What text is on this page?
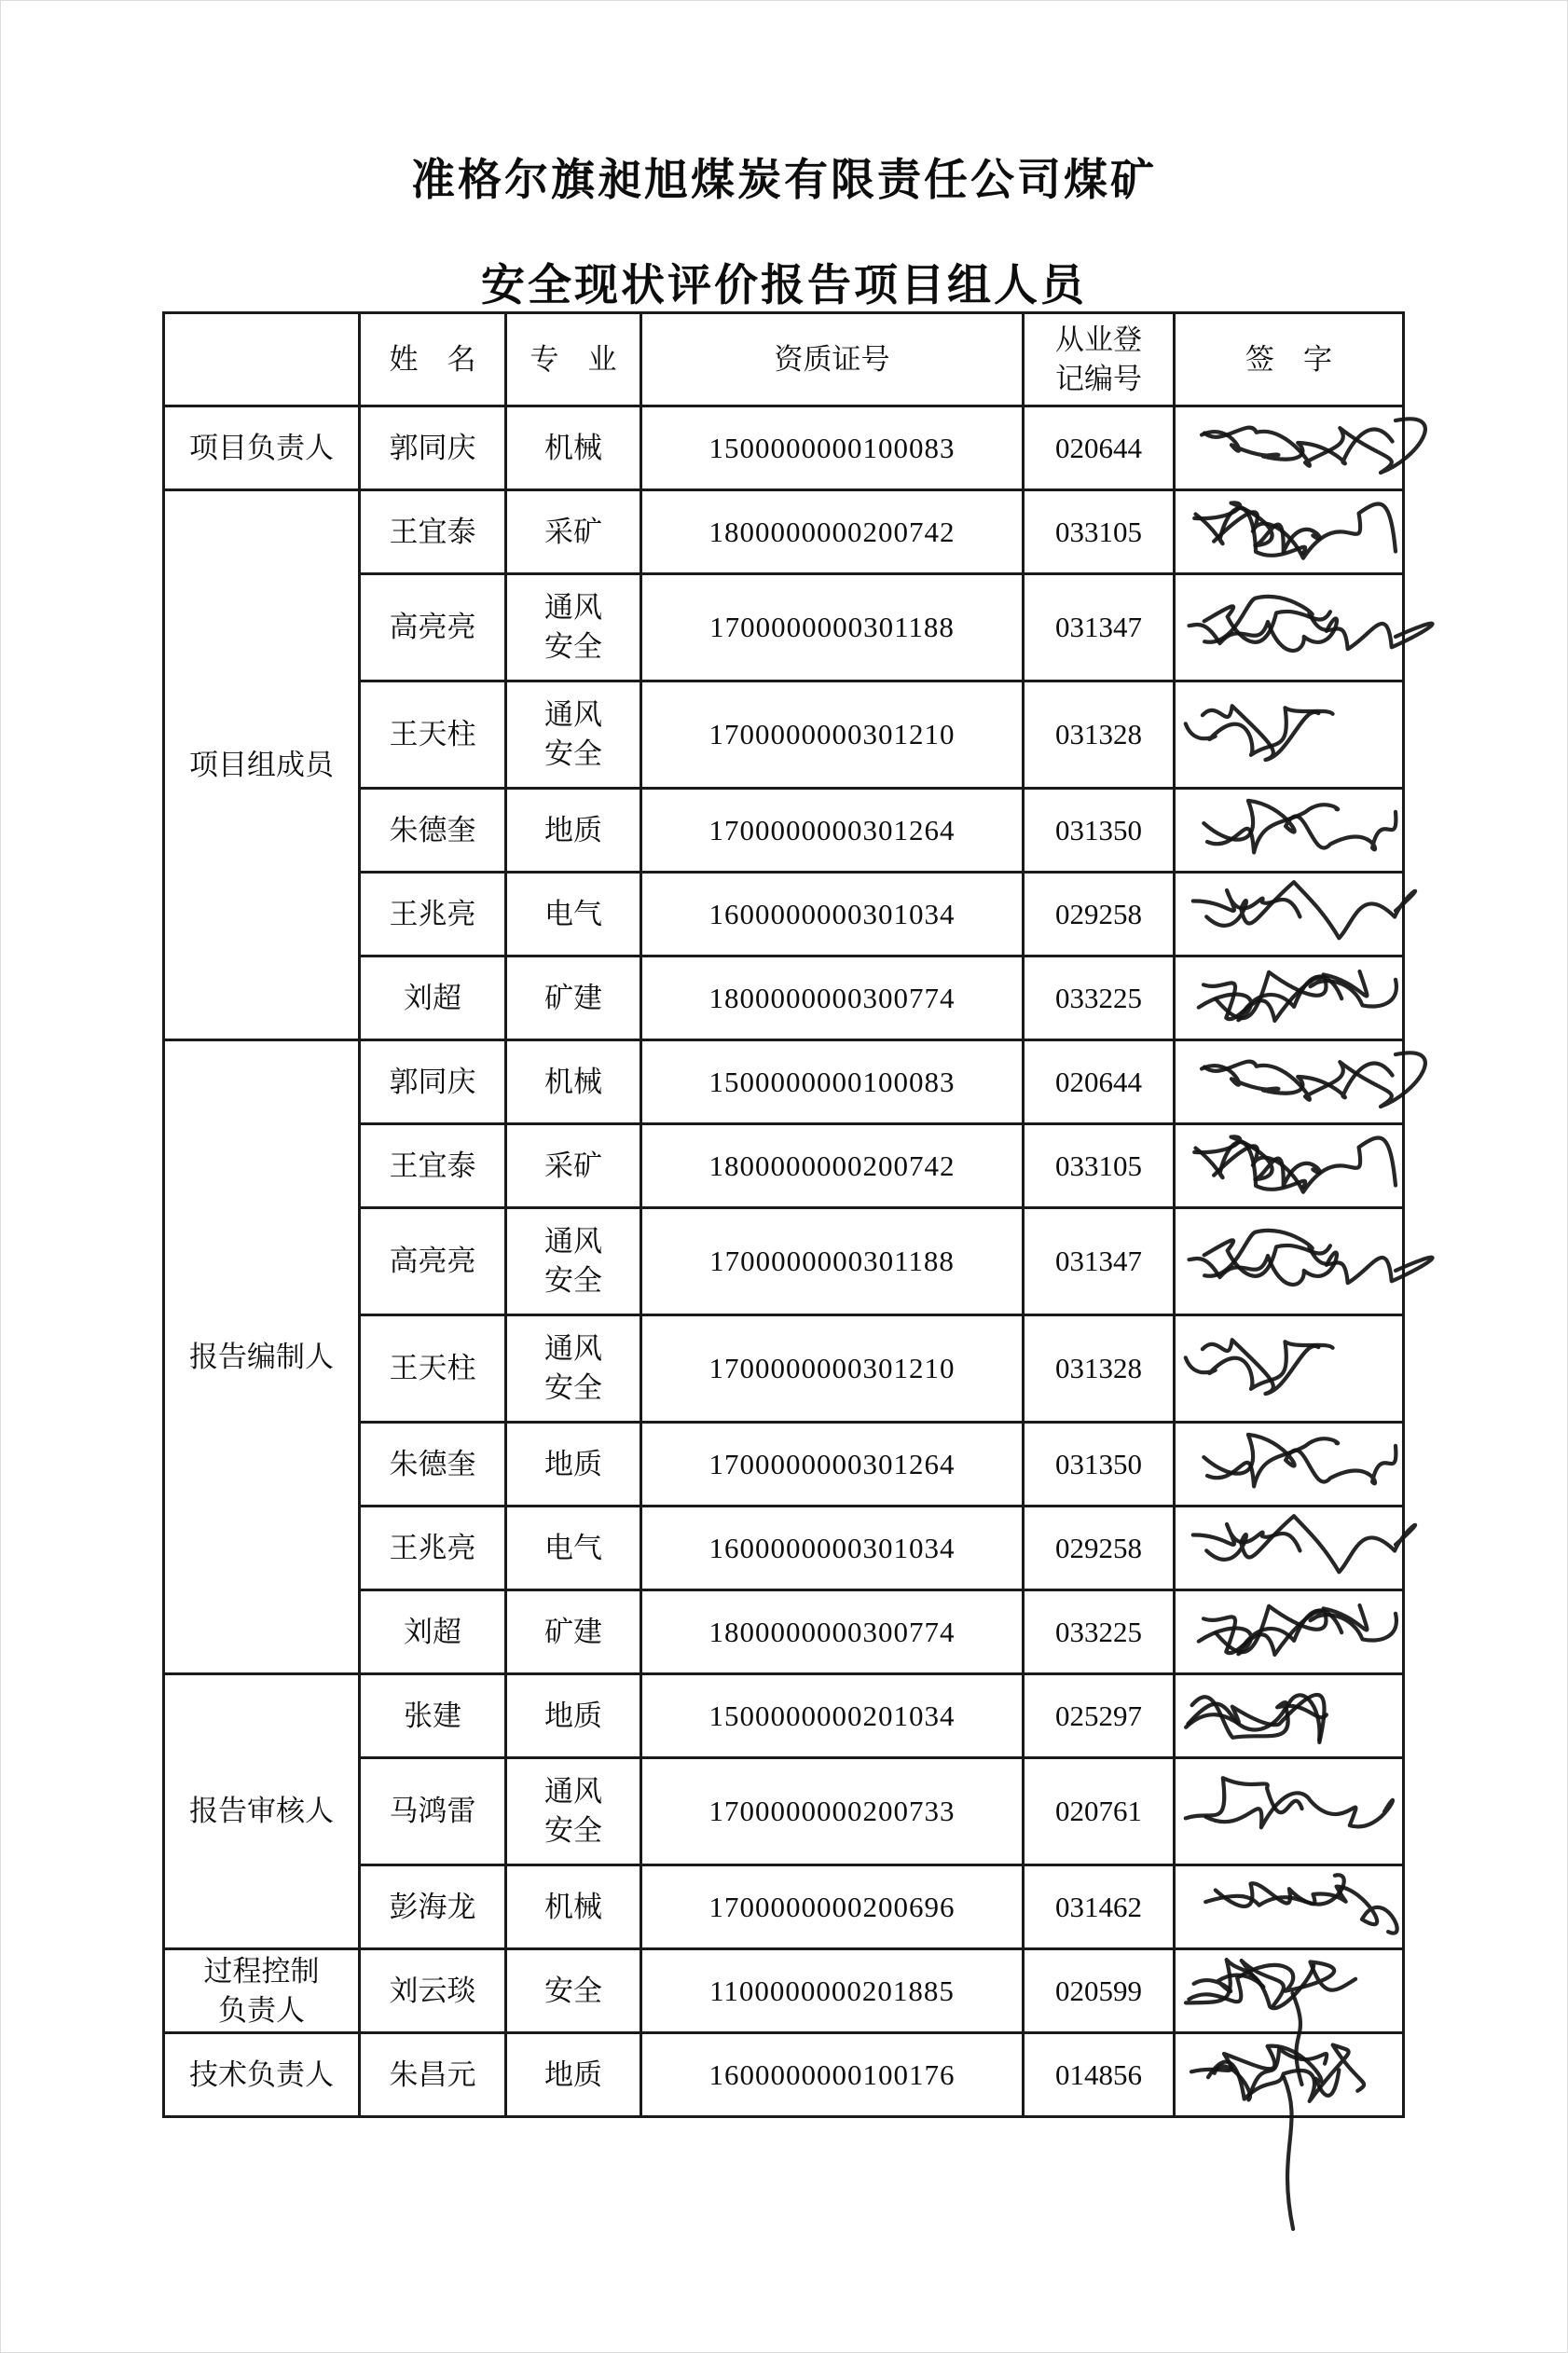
准格尔旗昶旭煤炭有限责任公司煤矿
安全现状评价报告项目组人员
	姓　名	专　业	资质证号	从业登
记编号	签　字

项目负责人	郭同庆	机械	1500000000100083	020644	

项目组成员	王宜泰	采矿	1800000000200742	033105	

	高亮亮	通风
安全	1700000000301188	031347	

	王天柱	通风
安全	1700000000301210	031328	

	朱德奎	地质	1700000000301264	031350	

	王兆亮	电气	1600000000301034	029258	

	刘超	矿建	1800000000300774	033225	

报告编制人	郭同庆	机械	1500000000100083	020644	

	王宜泰	采矿	1800000000200742	033105	

	高亮亮	通风
安全	1700000000301188	031347	

	王天柱	通风
安全	1700000000301210	031328	

	朱德奎	地质	1700000000301264	031350	

	王兆亮	电气	1600000000301034	029258	

	刘超	矿建	1800000000300774	033225	

报告审核人	张建	地质	1500000000201034	025297	

	马鸿雷	通风
安全	1700000000200733	020761	

	彭海龙	机械	1700000000200696	031462	

过程控制
负责人	刘云琰	安全	1100000000201885	020599	

技术负责人	朱昌元	地质	1600000000100176	014856	
